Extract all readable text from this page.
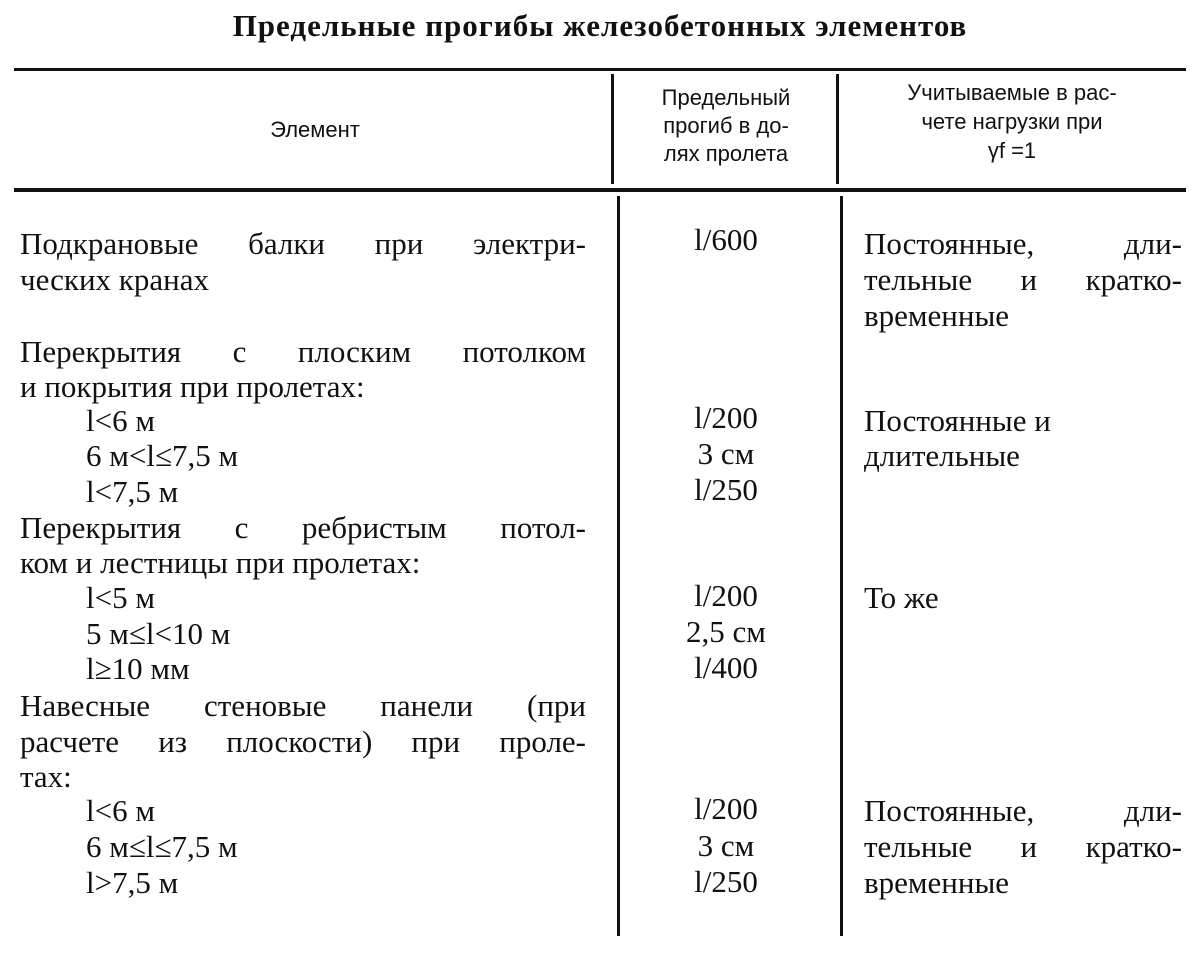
Предельные прогибы железобетонных элементов
Элемент
Предельный
прогиб в до-
лях пролета
Учитываемые в рас-
чете нагрузки при
γf =1
Подкрановые балки при электри-
ческих кранах
l/600	Постоянные, дли-
тельные и кратко-
временные
Перекрытия с плоским потолком
и покрытия при пролетах:
l<6 м
6 м<l≤7,5 м
l<7,5 м
l/200
3 см
l/250
Постоянные и
длительные
Перекрытия с ребристым потол-
ком и лестницы при пролетах:
l<5 м
5 м≤l<10 м
l≥10 мм
l/200
2,5 см
l/400
То же
Навесные стеновые панели (при
расчете из плоскости) при проле-
тах:
l<6 м
6 м≤l≤7,5 м
l>7,5 м
l/200
3 см
l/250
Постоянные, дли-
тельные и кратко-
временные
